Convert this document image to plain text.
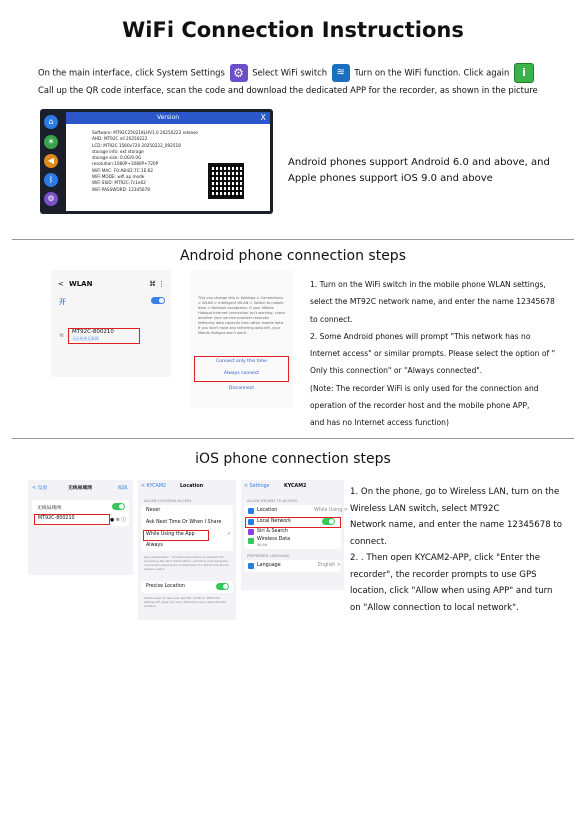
WiFi Connection Instructions
On the main interface, click System Settings ⚙ Select WiFi switch ≋ Turn on the WiFi function. Click again i
Call up the QR code interface, scan the code and download the dedicated APP for the recorder, as shown in the picture
⌂
☀
◀
ᛒ
⚙
Version	X
Software: MT92C250218LHV1.0 20250222 release
AHD: MT92C nll 20250222
LCD: MT92C 1560x720 20250222_092518
storage info: ext storage
storage size: 0.0G/0.0G
resolution:1080P+1080P+720P
WiFi MAC: F0:A8:82:7C:1E:62
WiFi MODE: wifi ap mode
WiFi SSID: MT92C-7c1e62
WiFi PASSWORD: 12345678
Android phones support Android 6.0 and above, and Apple phones support iOS 9.0 and above
Android phone connection steps
< WLAN	⌘ ⋮
开
≋ MT92C-800210
无法连接互联网
This can change this in Settings > Connections > WLAN > Intelligent WLAN > Switch to mobile data > Network exceptions. If your Mobile Hotspot Internet connection isn't working, check whether your service provider reserves tethering data capacity from other mobile data. If you don't have any tethering data left, your Mobile Hotspot won't work.
Connect only this time
Always connect
Disconnect
1. Turn on the WiFi switch in the mobile phone WLAN settings,
select the MT92C network name, and enter the name 12345678
to connect.
2. Some Android phones will prompt "This network has no
Internet access" or similar prompts. Please select the option of "
Only this connection" or "Always connected".
(Note: The recorder WiFi is only used for the connection and
operation of the recorder host and the mobile phone APP,
and has no Internet access function)
iOS phone connection steps
< 设置	无线局域网	编辑
无线局域网
MT92C-800210	● ≋ ⓘ
< KYCAM2	Location
ALLOW LOCATION ACCESS
Never
Ask Next Time Or When I Share
While Using the App	✓
Always
App explanation: "Location permission is required for accessing the Wi-Fi information, and thus improving the connection experience of Dashcam for iOS13 and above system users"
Precise Location
Allows apps to use your specific location. With this setting off, apps can only determine your approximate location.
< Settings	KYCAM2
ALLOW KYCAM2 TO ACCESS
Location	While Using >
Local Network
Siri & Search
Wireless Data
WLAN
PREFERRED LANGUAGE
Language	English >
1. On the phone, go to Wireless LAN, turn on the
Wireless LAN switch, select MT92C
Network name, and enter the name 12345678 to
connect.
2. . Then open KYCAM2-APP, click "Enter the
recorder", the recorder prompts to use GPS
location, click "Allow when using APP" and turn
on "Allow connection to local network".
